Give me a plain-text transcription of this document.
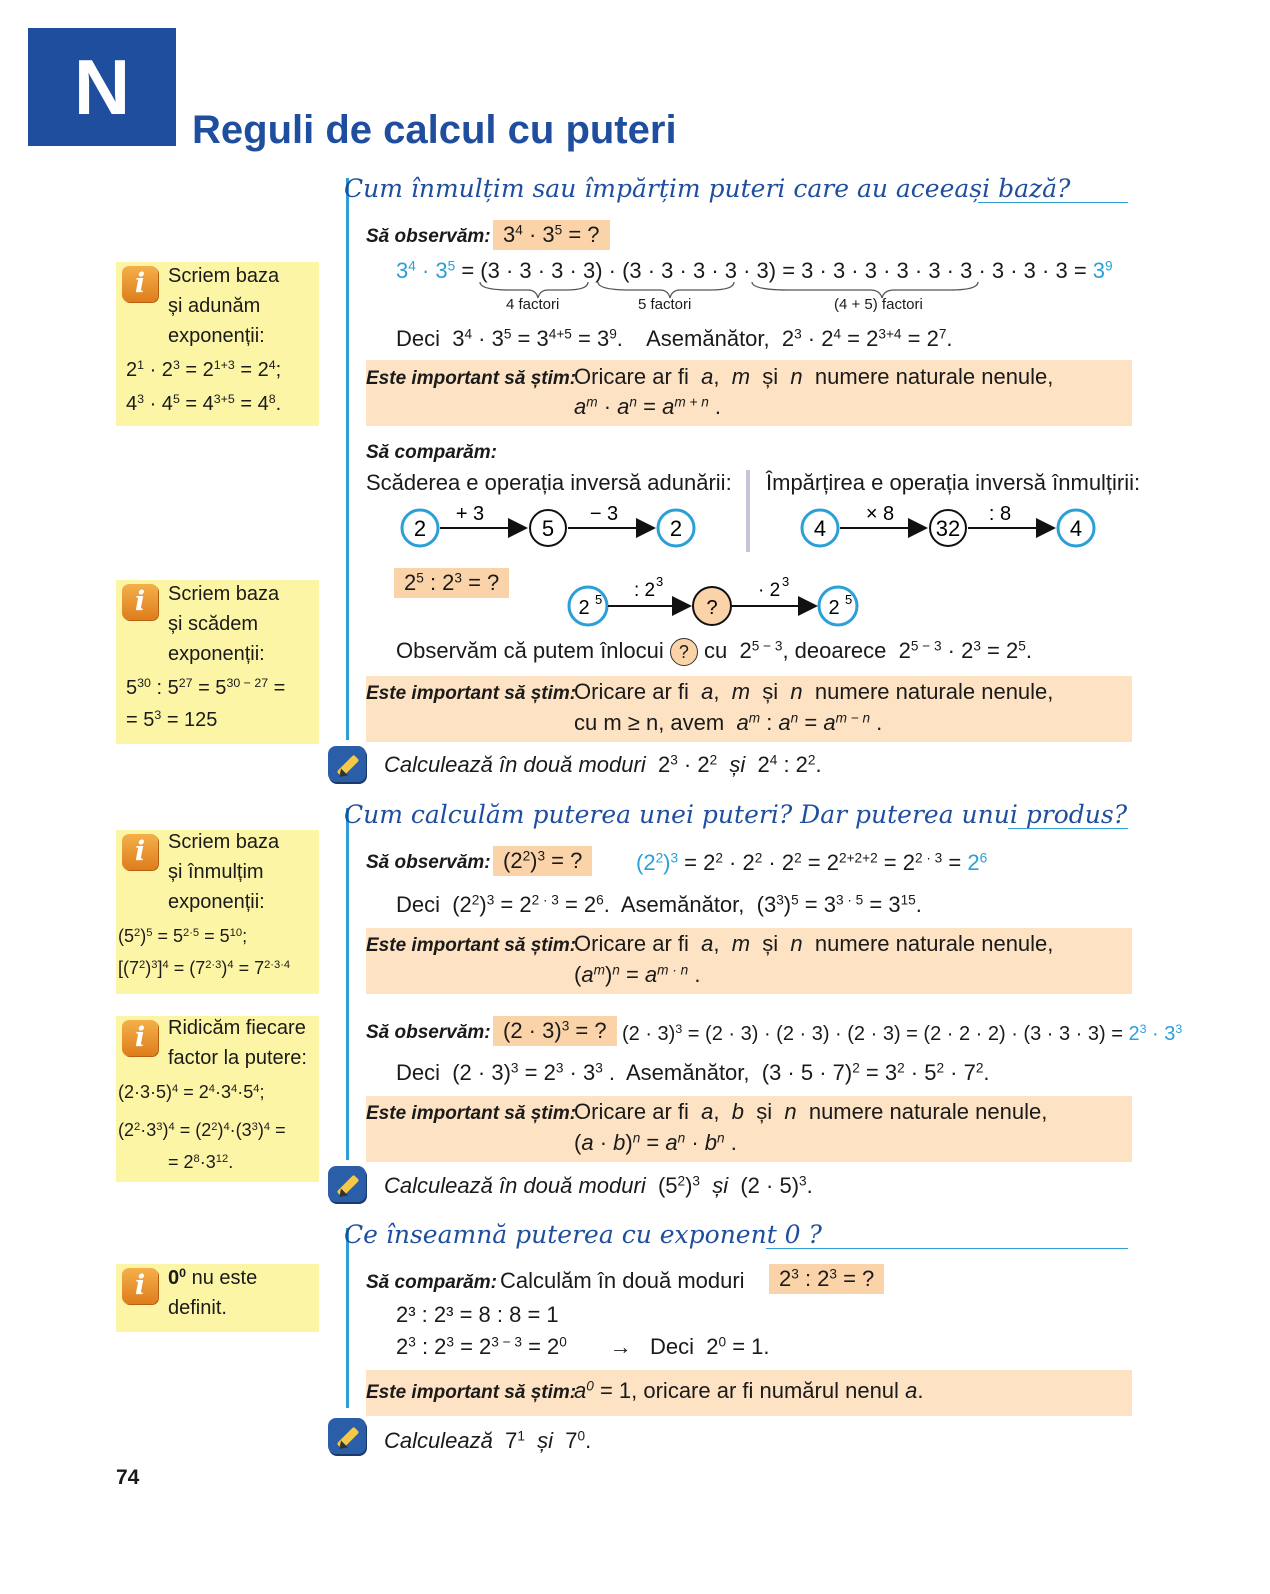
N	Reguli de calcul cu puteri
Cum înmulțim sau împărțim puteri care au aceeași bază?
Să observăm: $3^4 \cdot 3^5$ = ?
$3^4 \cdot 3^5 = (3 \cdot 3 \cdot 3 \cdot 3) \cdot (3 \cdot 3 \cdot 3 \cdot 3 \cdot 3) = 3 \cdot 3 \cdot 3 \cdot 3 \cdot 3 \cdot 3 \cdot 3 \cdot 3 \cdot 3 = 3^9$
4 factori	5 factori	(4 + 5) factori
Deci  $3^4 \cdot 3^5 = 3^{4+5} = 3^9$.    Asemănător,  $2^3 \cdot 2^4 = 2^{3+4} = 2^7$.
Este important să știm:
Oricare ar fi a,  m  și  n numere naturale nenule,
$a^m \cdot a^n = a^{m + n}$ .
Să comparăm:
Scăderea e operația inversă adunării: Împărțirea e operația inversă înmulțirii:
2
+ 3
5
− 3
2	4
× 8
32
: 8
4
$2^5$ : $2^3$ = ?
2 5 : 2 3
?
· 2 3
2 5
Observăm că putem înlocui ? cu  $2^{5 - 3}$, deoarece  $2^{5 - 3} \cdot 2^3 = 2^5$.
Este important să știm:
Oricare ar fi a,  m  și  n numere naturale nenule,
cu m ≥ n, avem $a^m$ : $a^n = a^{m - n}$ .
Calculează în două moduri $2^3 \cdot 2^2$ și $2^4$ : $2^2$.
Cum calculăm puterea unei puteri? Dar puterea unui produs?
Să observăm: $(2^2)^3$ = ?	$(2^2)^3 = 2^2 \cdot 2^2 \cdot 2^2 = 2^{2+2+2} = 2^{2 \cdot 3} = 2^6$
Deci  $(2^2)^3 = 2^{2 \cdot 3} = 2^6$.  Asemănător,  $(3^3)^5 = 3^{3 \cdot 5} = 3^{15}$.
Este important să știm:
Oricare ar fi a,  m  și  n numere naturale nenule,
$(a^m)^n = a^{m \cdot n}$ .
Să observăm: $(2 \cdot 3)^3$ = ? $(2 \cdot 3)^3 = (2 \cdot 3) \cdot (2 \cdot 3) \cdot (2 \cdot 3) = (2 \cdot 2 \cdot 2) \cdot (3 \cdot 3 \cdot 3) = 2^3 \cdot 3^3$
Deci  $(2 \cdot 3)^3 = 2^3 \cdot 3^3$ .  Asemănător,  $(3 \cdot 5 \cdot 7)^2 = 3^2 \cdot 5^2 \cdot 7^2$.
Este important să știm:
Oricare ar fi a,  b  și  n numere naturale nenule,
$(a \cdot b)^n = a^n \cdot b^n$ .
Calculează în două moduri $(5^2)^3$ și $(2 \cdot 5)^3$.
Ce înseamnă puterea cu exponent 0 ?
Să comparăm: Calculăm în două moduri	$2^3$ : $2^3$ = ?
2³ : 2³ = 8 : 8 = 1
$2^3$ : $2^3 = 2^{3 - 3} = 2^0$ → Deci  $2^0 = 1$.
Este important să știm:
$a^0 = 1$, oricare ar fi numărul nenul a.
Calculează $7^1$ și $7^0$.
i	Scriem baza
și adunăm
exponenții:
$2^1 \cdot 2^3 = 2^{1+3} = 2^4$;
$4^3 \cdot 4^5 = 4^{3+5} = 4^8$.
i	Scriem baza
și scădem
exponenții:
$5^{30}$ : $5^{27} = 5^{30 - 27}$ =
= $5^3 = 125$
i	Scriem baza
și înmulțim
exponenții:
$(5^2)^5 = 5^{2\cdot 5} = 5^{10}$;
$[(7^2)^3]^4 = (7^{2\cdot 3})^4 = 7^{2\cdot 3\cdot 4}$
i	Ridicăm fiecare
factor la putere:
$(2\cdot 3\cdot 5)^4 = 2^4\cdot 3^4\cdot 5^4$;
$(2^2\cdot 3^3)^4 = (2^2)^4\cdot(3^3)^4$ =
= $2^8\cdot 3^{12}$.
i	$0^0$ nu este
definit.
74
